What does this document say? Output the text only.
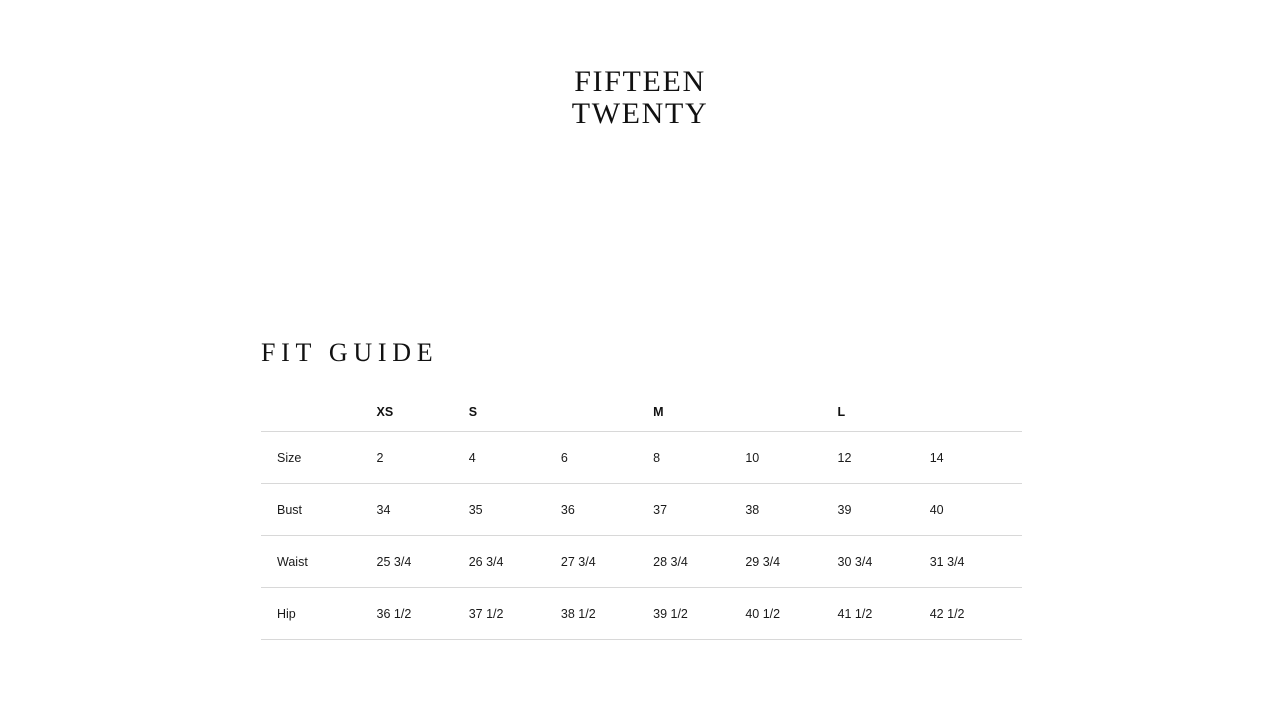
FIFTEEN
TWENTY
FIT GUIDE
	XS	S		M		L	
Size	2	4	6	8	10	12	14
Bust	34	35	36	37	38	39	40
Waist	25 3/4	26 3/4	27 3/4	28 3/4	29 3/4	30 3/4	31 3/4
Hip	36 1/2	37 1/2	38 1/2	39 1/2	40 1/2	41 1/2	42 1/2
